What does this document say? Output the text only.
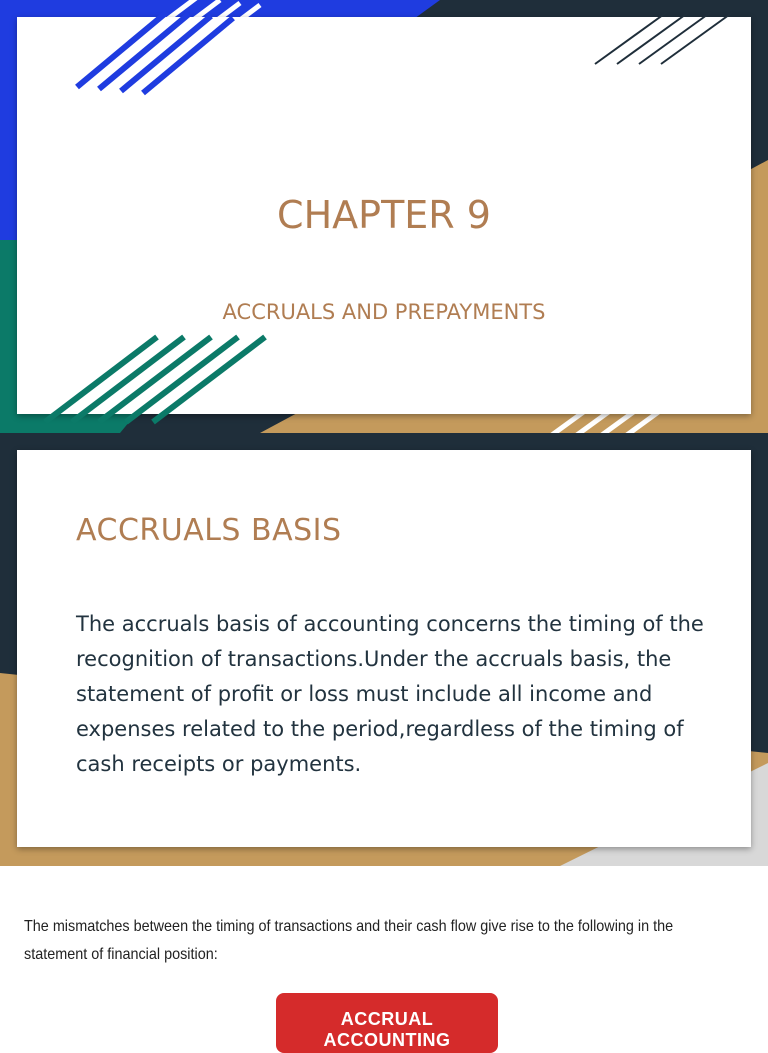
CHAPTER 9
ACCRUALS AND PREPAYMENTS
ACCRUALS BASIS
The accruals basis of accounting concerns the timing of the recognition of transactions.Under the accruals basis, the statement of profit or loss must include all income and expenses related to the period,regardless of the timing of cash receipts or payments.
The mismatches between the timing of transactions and their cash flow give rise to the following in the statement of financial position:
ACCRUAL ACCOUNTING
